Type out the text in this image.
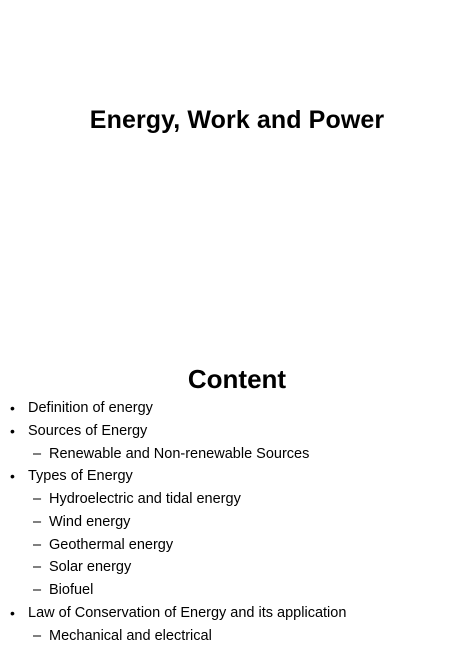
Energy, Work and Power
Content
• Definition of energy
• Sources of Energy
– Renewable and Non-renewable Sources
• Types of Energy
– Hydroelectric and tidal energy
– Wind energy
– Geothermal energy
– Solar energy
– Biofuel
• Law of Conservation of Energy and its application
– Mechanical and electrical
